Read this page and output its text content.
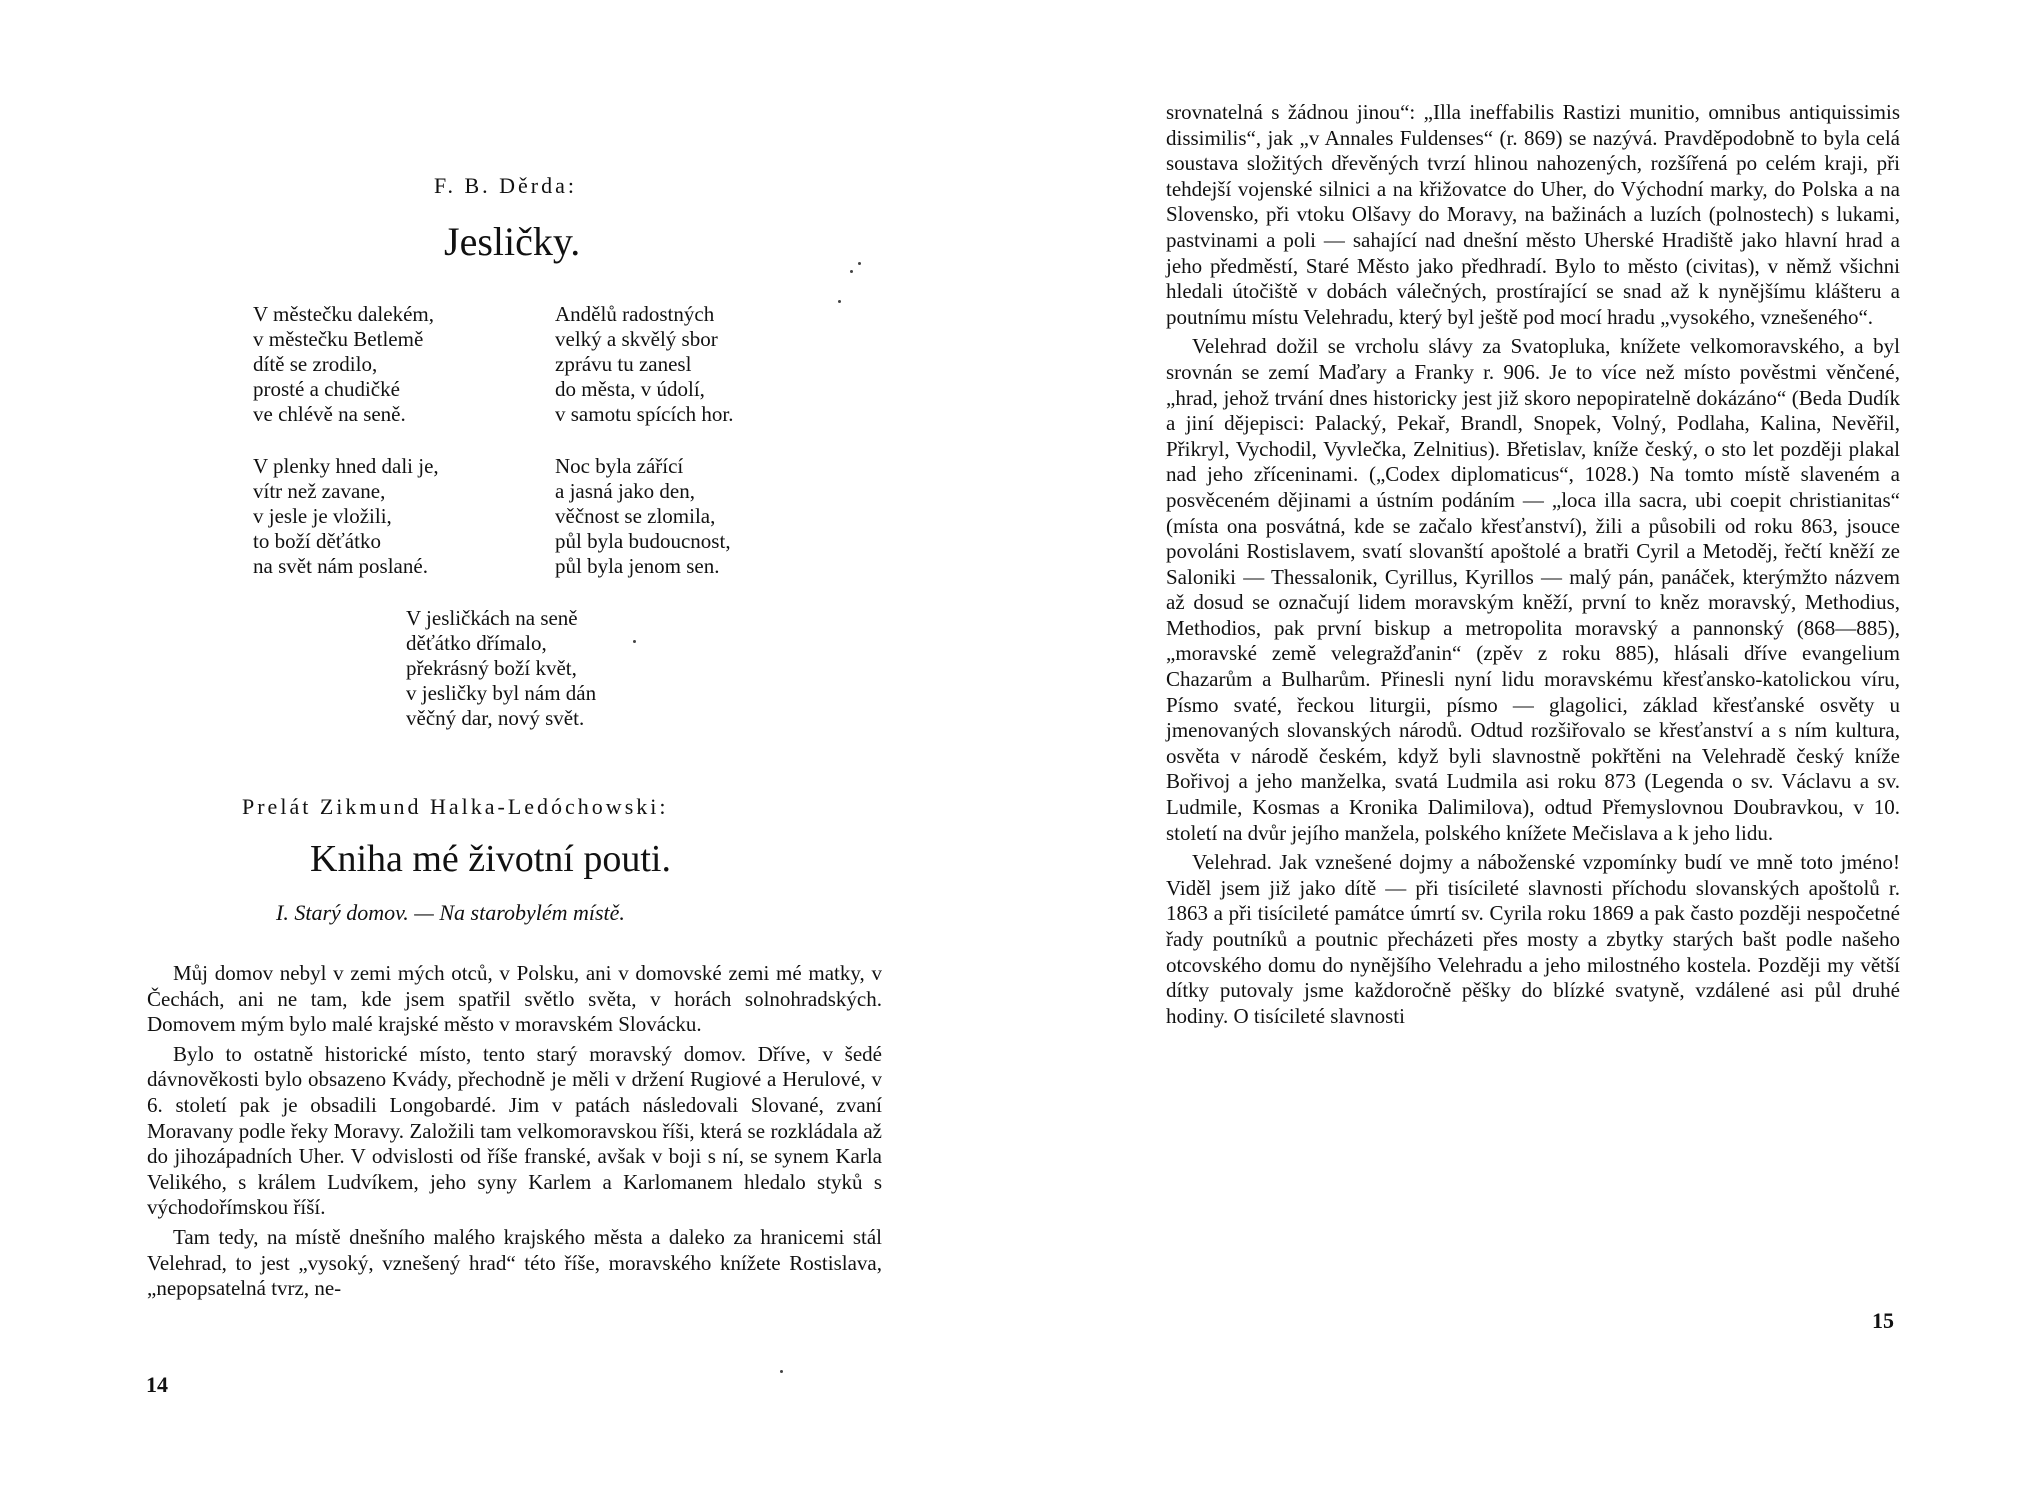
F. B. Děrda:
Jesličky.
V městečku dalekém,
v městečku Betlemě
dítě se zrodilo,
prosté a chudičké
ve chlévě na seně.
Andělů radostných
velký a skvělý sbor
zprávu tu zanesl
do města, v údolí,
v samotu spících hor.
V plenky hned dali je,
vítr než zavane,
v jesle je vložili,
to boží děťátko
na svět nám poslané.
Noc byla zářící
a jasná jako den,
věčnost se zlomila,
půl byla budoucnost,
půl byla jenom sen.
V jesličkách na seně
děťátko dřímalo,
překrásný boží květ,
v jesličky byl nám dán
věčný dar, nový svět.
Prelát Zikmund Halka-Ledóchowski:
Kniha mé životní pouti.
I. Starý domov. — Na starobylém místě.

Můj domov nebyl v zemi mých otců, v Polsku, ani v domovské zemi mé matky, v Čechách, ani ne tam, kde jsem spatřil světlo světa, v horách solnohradských. Domovem mým bylo malé krajské město v moravském Slovácku.

Bylo to ostatně historické místo, tento starý moravský domov. Dříve, v šedé dávnověkosti bylo obsazeno Kvády, přechodně je měli v držení Rugiové a Herulové, v 6. století pak je obsadili Longobardé. Jim v patách následovali Slované, zvaní Moravany podle řeky Moravy. Založili tam velkomoravskou říši, která se rozkládala až do jihozápadních Uher. V odvislosti od říše franské, avšak v boji s ní, se synem Karla Velikého, s králem Ludvíkem, jeho syny Karlem a Karlomanem hledalo styků s východořímskou říší.

Tam tedy, na místě dnešního malého krajského města a daleko za hranicemi stál Velehrad, to jest „vysoký, vznešený hrad“ této říše, moravského knížete Rostislava, „nepopsatelná tvrz, ne-

14

srovnatelná s žádnou jinou“: „Illa ineffabilis Rastizi munitio, omnibus antiquissimis dissimilis“, jak „v Annales Fuldenses“ (r. 869) se nazývá. Pravděpodobně to byla celá soustava složitých dřevěných tvrzí hlinou nahozených, rozšířená po celém kraji, při tehdejší vojenské silnici a na křižovatce do Uher, do Východní marky, do Polska a na Slovensko, při vtoku Olšavy do Moravy, na bažinách a luzích (polnostech) s lukami, pastvinami a poli — sahající nad dnešní město Uherské Hradiště jako hlavní hrad a jeho předměstí, Staré Město jako předhradí. Bylo to město (civitas), v němž všichni hledali útočiště v dobách válečných, prostírající se snad až k nynějšímu klášteru a poutnímu místu Velehradu, který byl ještě pod mocí hradu „vysokého, vznešeného“.

Velehrad dožil se vrcholu slávy za Svatopluka, knížete velkomoravského, a byl srovnán se zemí Maďary a Franky r. 906. Je to více než místo pověstmi věnčené, „hrad, jehož trvání dnes historicky jest již skoro nepopiratelně dokázáno“ (Beda Dudík a jiní dějepisci: Palacký, Pekař, Brandl, Snopek, Volný, Podlaha, Kalina, Nevěřil, Přikryl, Vychodil, Vyvlečka, Zelnitius). Břetislav, kníže český, o sto let později plakal nad jeho zříceninami. („Codex diplomaticus“, 1028.) Na tomto místě slaveném a posvěceném dějinami a ústním podáním — „loca illa sacra, ubi coepit christianitas“ (místa ona posvátná, kde se začalo křesťanství), žili a působili od roku 863, jsouce povoláni Rostislavem, svatí slovanští apoštolé a bratři Cyril a Metoděj, řečtí kněží ze Saloniki — Thessalonik, Cyrillus, Kyrillos — malý pán, panáček, kterýmžto názvem až dosud se označují lidem moravským kněží, první to kněz moravský, Methodius, Methodios, pak první biskup a metropolita moravský a pannonský (868—885), „moravské země velegražďanin“ (zpěv z roku 885), hlásali dříve evangelium Chazarům a Bulharům. Přinesli nyní lidu moravskému křesťansko-katolickou víru, Písmo svaté, řeckou liturgii, písmo — glagolici, základ křesťanské osvěty u jmenovaných slovanských národů. Odtud rozšiřovalo se křesťanství a s ním kultura, osvěta v národě českém, když byli slavnostně pokřtěni na Velehradě český kníže Bořivoj a jeho manželka, svatá Ludmila asi roku 873 (Legenda o sv. Václavu a sv. Ludmile, Kosmas a Kronika Dalimilova), odtud Přemyslovnou Doubravkou, v 10. století na dvůr jejího manžela, polského knížete Mečislava a k jeho lidu.

Velehrad. Jak vznešené dojmy a náboženské vzpomínky budí ve mně toto jméno! Viděl jsem již jako dítě — při tisícileté slavnosti příchodu slovanských apoštolů r. 1863 a při tisícileté památce úmrtí sv. Cyrila roku 1869 a pak často později nespočetné řady poutníků a poutnic přecházeti přes mosty a zbytky starých bašt podle našeho otcovského domu do nynějšího Velehradu a jeho milostného kostela. Později my větší dítky putovaly jsme každoročně pěšky do blízké svatyně, vzdálené asi půl druhé hodiny. O tisícileté slavnosti

15
